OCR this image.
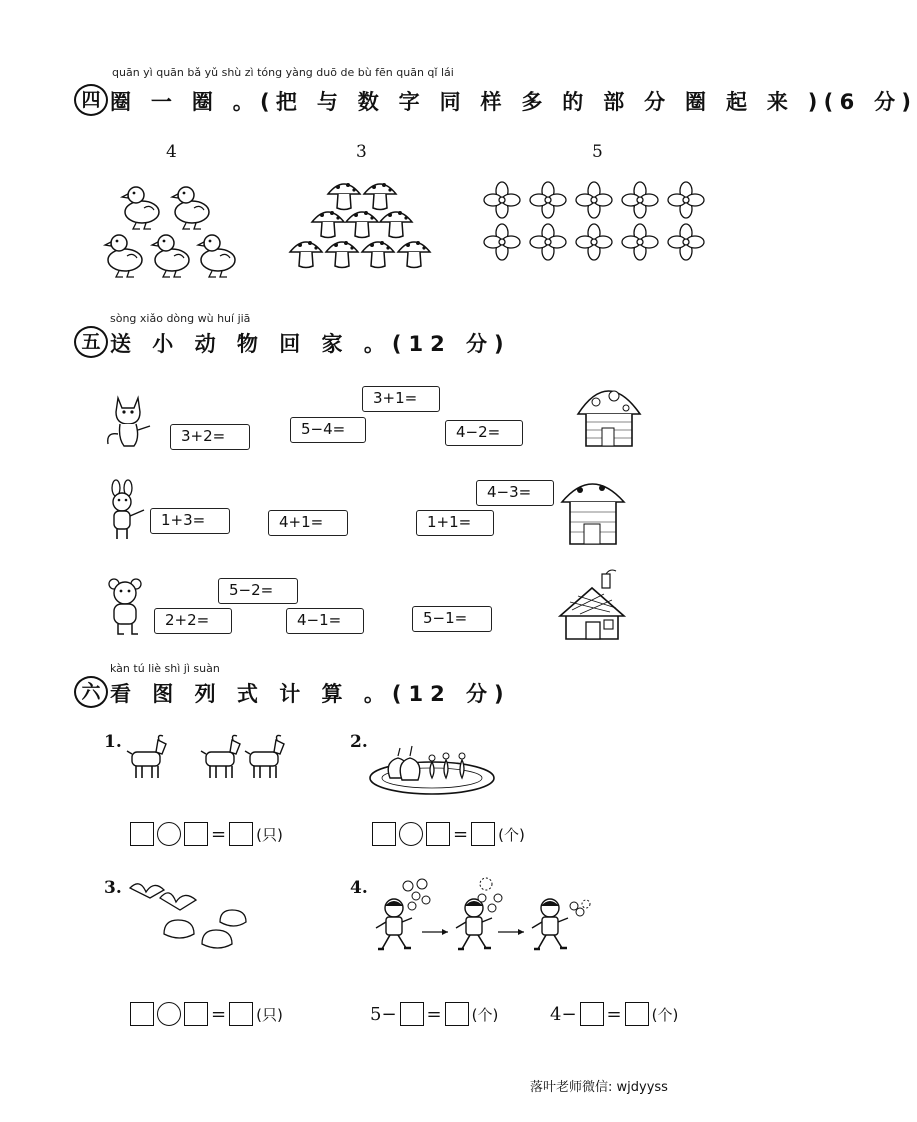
quān yì quān bǎ yǔ shù zì tóng yàng duō de bù fēn quān qǐ lái
四 圈 一 圈 。(把 与 数 字 同 样 多 的 部 分 圈 起 来 )(6 分)
4	3	5
sòng xiǎo dòng wù huí jiā
五 送 小 动 物 回 家 。(12 分)
3+2=	5−4=
3+1=
4−2=
1+3=	4+1=	1+1=
4−3=
2+2=
5−2=
4−1=	5−1=
kàn tú liè shì jì suàn
六 看 图 列 式 计 算 。(12 分)
1.
= (只)
2.
= (个)
3.
= (只)
4.
5− = (个)	4− = (个)
落叶老师微信: wjdyyss
